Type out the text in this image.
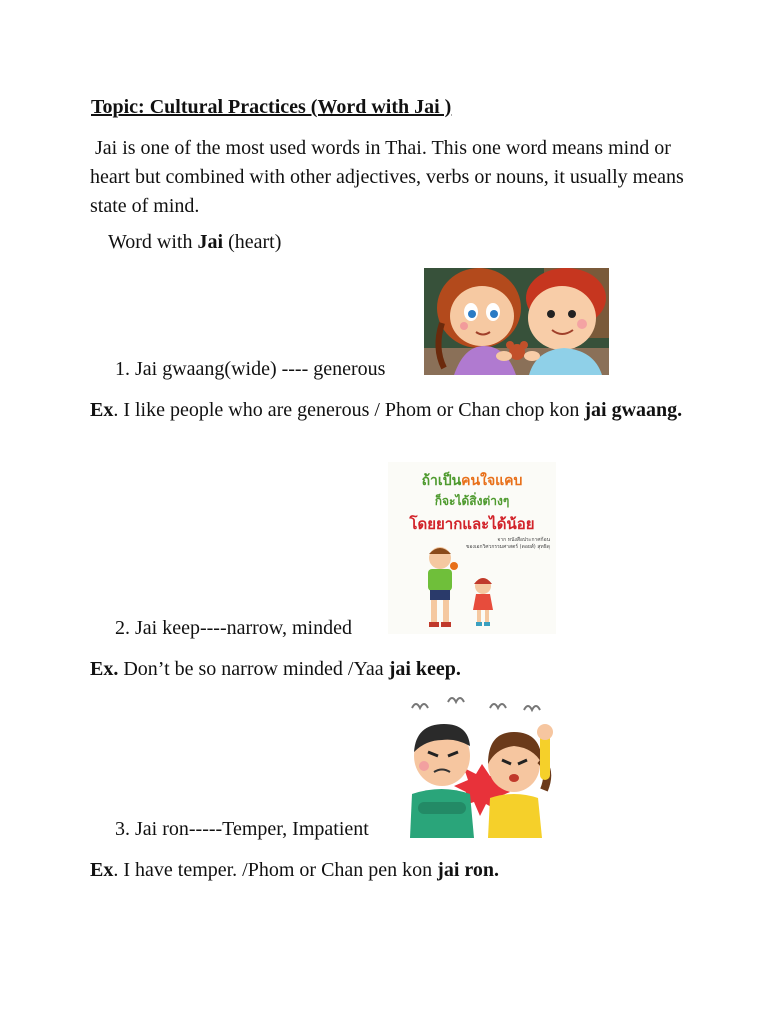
Topic: Cultural Practices (Word with Jai )
Jai is one of the most used words in Thai. This one word means mind or heart but combined with other adjectives, verbs or nouns, it usually means state of mind.
Word with Jai (heart)
1. Jai gwaang(wide) ---- generous
Ex. I like people who are generous / Phom or Chan chop kon jai gwaang.
ถ้าเป็นคนใจแคบ
ก็จะได้สิ่งต่างๆ
โดยยากและได้น้อย
จาก หนังสือประกาศก้อน
ของเอกวิศวกรรมศาสตร์ (ดอยส์) สุทธิดุ
2. Jai keep----narrow, minded
Ex. Don’t be so narrow minded /Yaa jai keep.
3. Jai ron-----Temper, Impatient
Ex. I have temper. /Phom or Chan pen kon jai ron.
